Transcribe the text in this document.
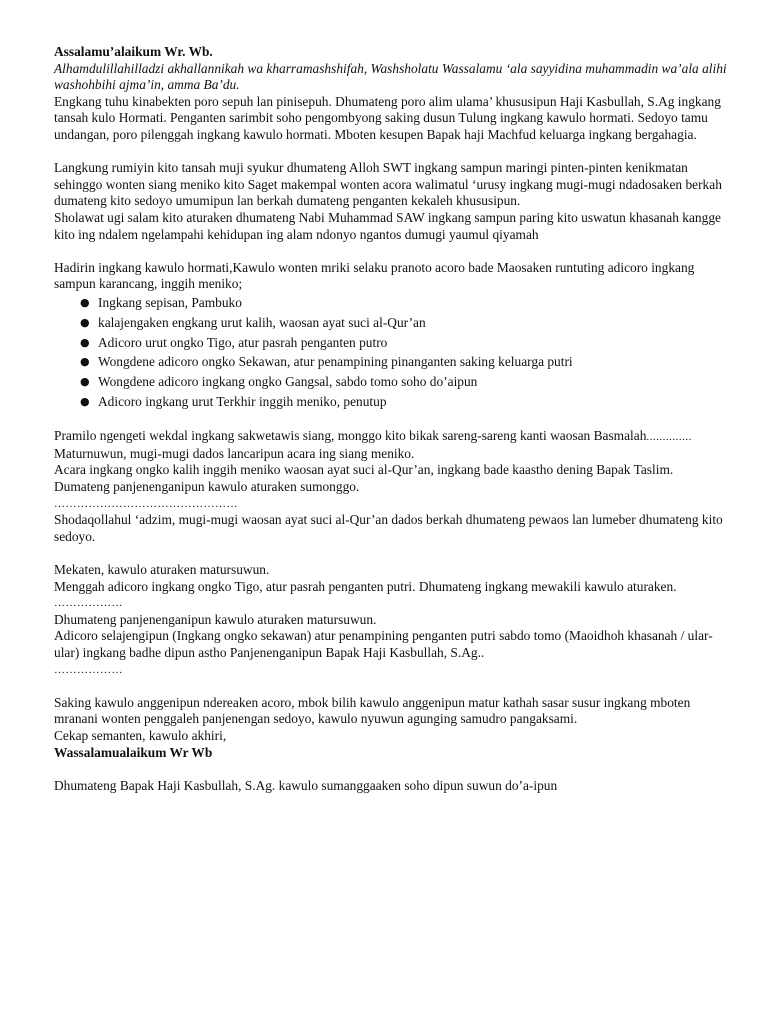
Assalamu’alaikum Wr. Wb.

Alhamdulillahilladzi akhallannikah wa kharramashshifah, Washsholatu Wassalamu ‘ala sayyidina muhammadin wa’ala alihi washohbihi ajma’in, amma Ba’du.

Engkang tuhu kinabekten poro sepuh lan pinisepuh. Dhumateng poro alim ulama’ khususipun Haji Kasbullah, S.Ag ingkang tansah kulo Hormati. Penganten sarimbit soho pengombyong saking dusun Tulung ingkang kawulo hormati. Sedoyo tamu undangan, poro pilenggah ingkang kawulo hormati. Mboten kesupen Bapak haji Machfud keluarga ingkang bergahagia.

Langkung rumiyin kito tansah muji syukur dhumateng Alloh SWT ingkang sampun maringi pinten-pinten kenikmatan sehinggo wonten siang meniko kito Saget makempal wonten acora walimatul ‘urusy ingkang mugi-mugi ndadosaken berkah dumateng kito sedoyo umumipun lan berkah dumateng penganten kekaleh khususipun.

Sholawat ugi salam kito aturaken dhumateng Nabi Muhammad SAW ingkang sampun paring kito uswatun khasanah kangge kito ing ndalem ngelampahi kehidupan ing alam ndonyo ngantos dumugi yaumul qiyamah

Hadirin ingkang kawulo hormati,Kawulo wonten mriki selaku pranoto acoro bade Maosaken runtuting adicoro ingkang sampun karancang, inggih meniko;

● Ingkang sepisan, Pambuko
● kalajengaken engkang urut kalih, waosan ayat suci al-Qur’an
● Adicoro urut ongko Tigo, atur pasrah penganten putro
● Wongdene adicoro ongko Sekawan, atur penampining pinanganten saking keluarga putri
● Wongdene adicoro ingkang ongko Gangsal, sabdo tomo soho do’aipun
● Adicoro ingkang urut Terkhir inggih meniko, penutup

Pramilo ngengeti wekdal ingkang sakwetawis siang, monggo kito bikak sareng-sareng kanti waosan Basmalah..............

Maturnuwun, mugi-mugi dados lancaripun acara ing siang meniko.

Acara ingkang ongko kalih inggih meniko waosan ayat suci al-Qur’an, ingkang bade kaastho dening Bapak Taslim. Dumateng panjenenganipun kawulo aturaken sumonggo.

…………………………………………

Shodaqollahul ‘adzim, mugi-mugi waosan ayat suci al-Qur’an dados berkah dhumateng pewaos lan lumeber dhumateng kito sedoyo.

Mekaten, kawulo aturaken matursuwun.

Menggah adicoro ingkang ongko Tigo, atur pasrah penganten putri. Dhumateng ingkang mewakili kawulo aturaken.

………………

Dhumateng panjenenganipun kawulo aturaken matursuwun.

Adicoro selajengipun (Ingkang ongko sekawan) atur penampining penganten putri sabdo tomo (Maoidhoh khasanah / ular-ular) ingkang badhe dipun astho Panjenenganipun Bapak Haji Kasbullah, S.Ag..

………………

Saking kawulo anggenipun ndereaken acoro, mbok bilih kawulo anggenipun matur kathah sasar susur ingkang mboten mranani wonten penggaleh panjenengan sedoyo, kawulo nyuwun agunging samudro pangaksami.

Cekap semanten, kawulo akhiri,

Wassalamualaikum Wr Wb

Dhumateng Bapak Haji Kasbullah, S.Ag. kawulo sumanggaaken soho dipun suwun do’a-ipun
